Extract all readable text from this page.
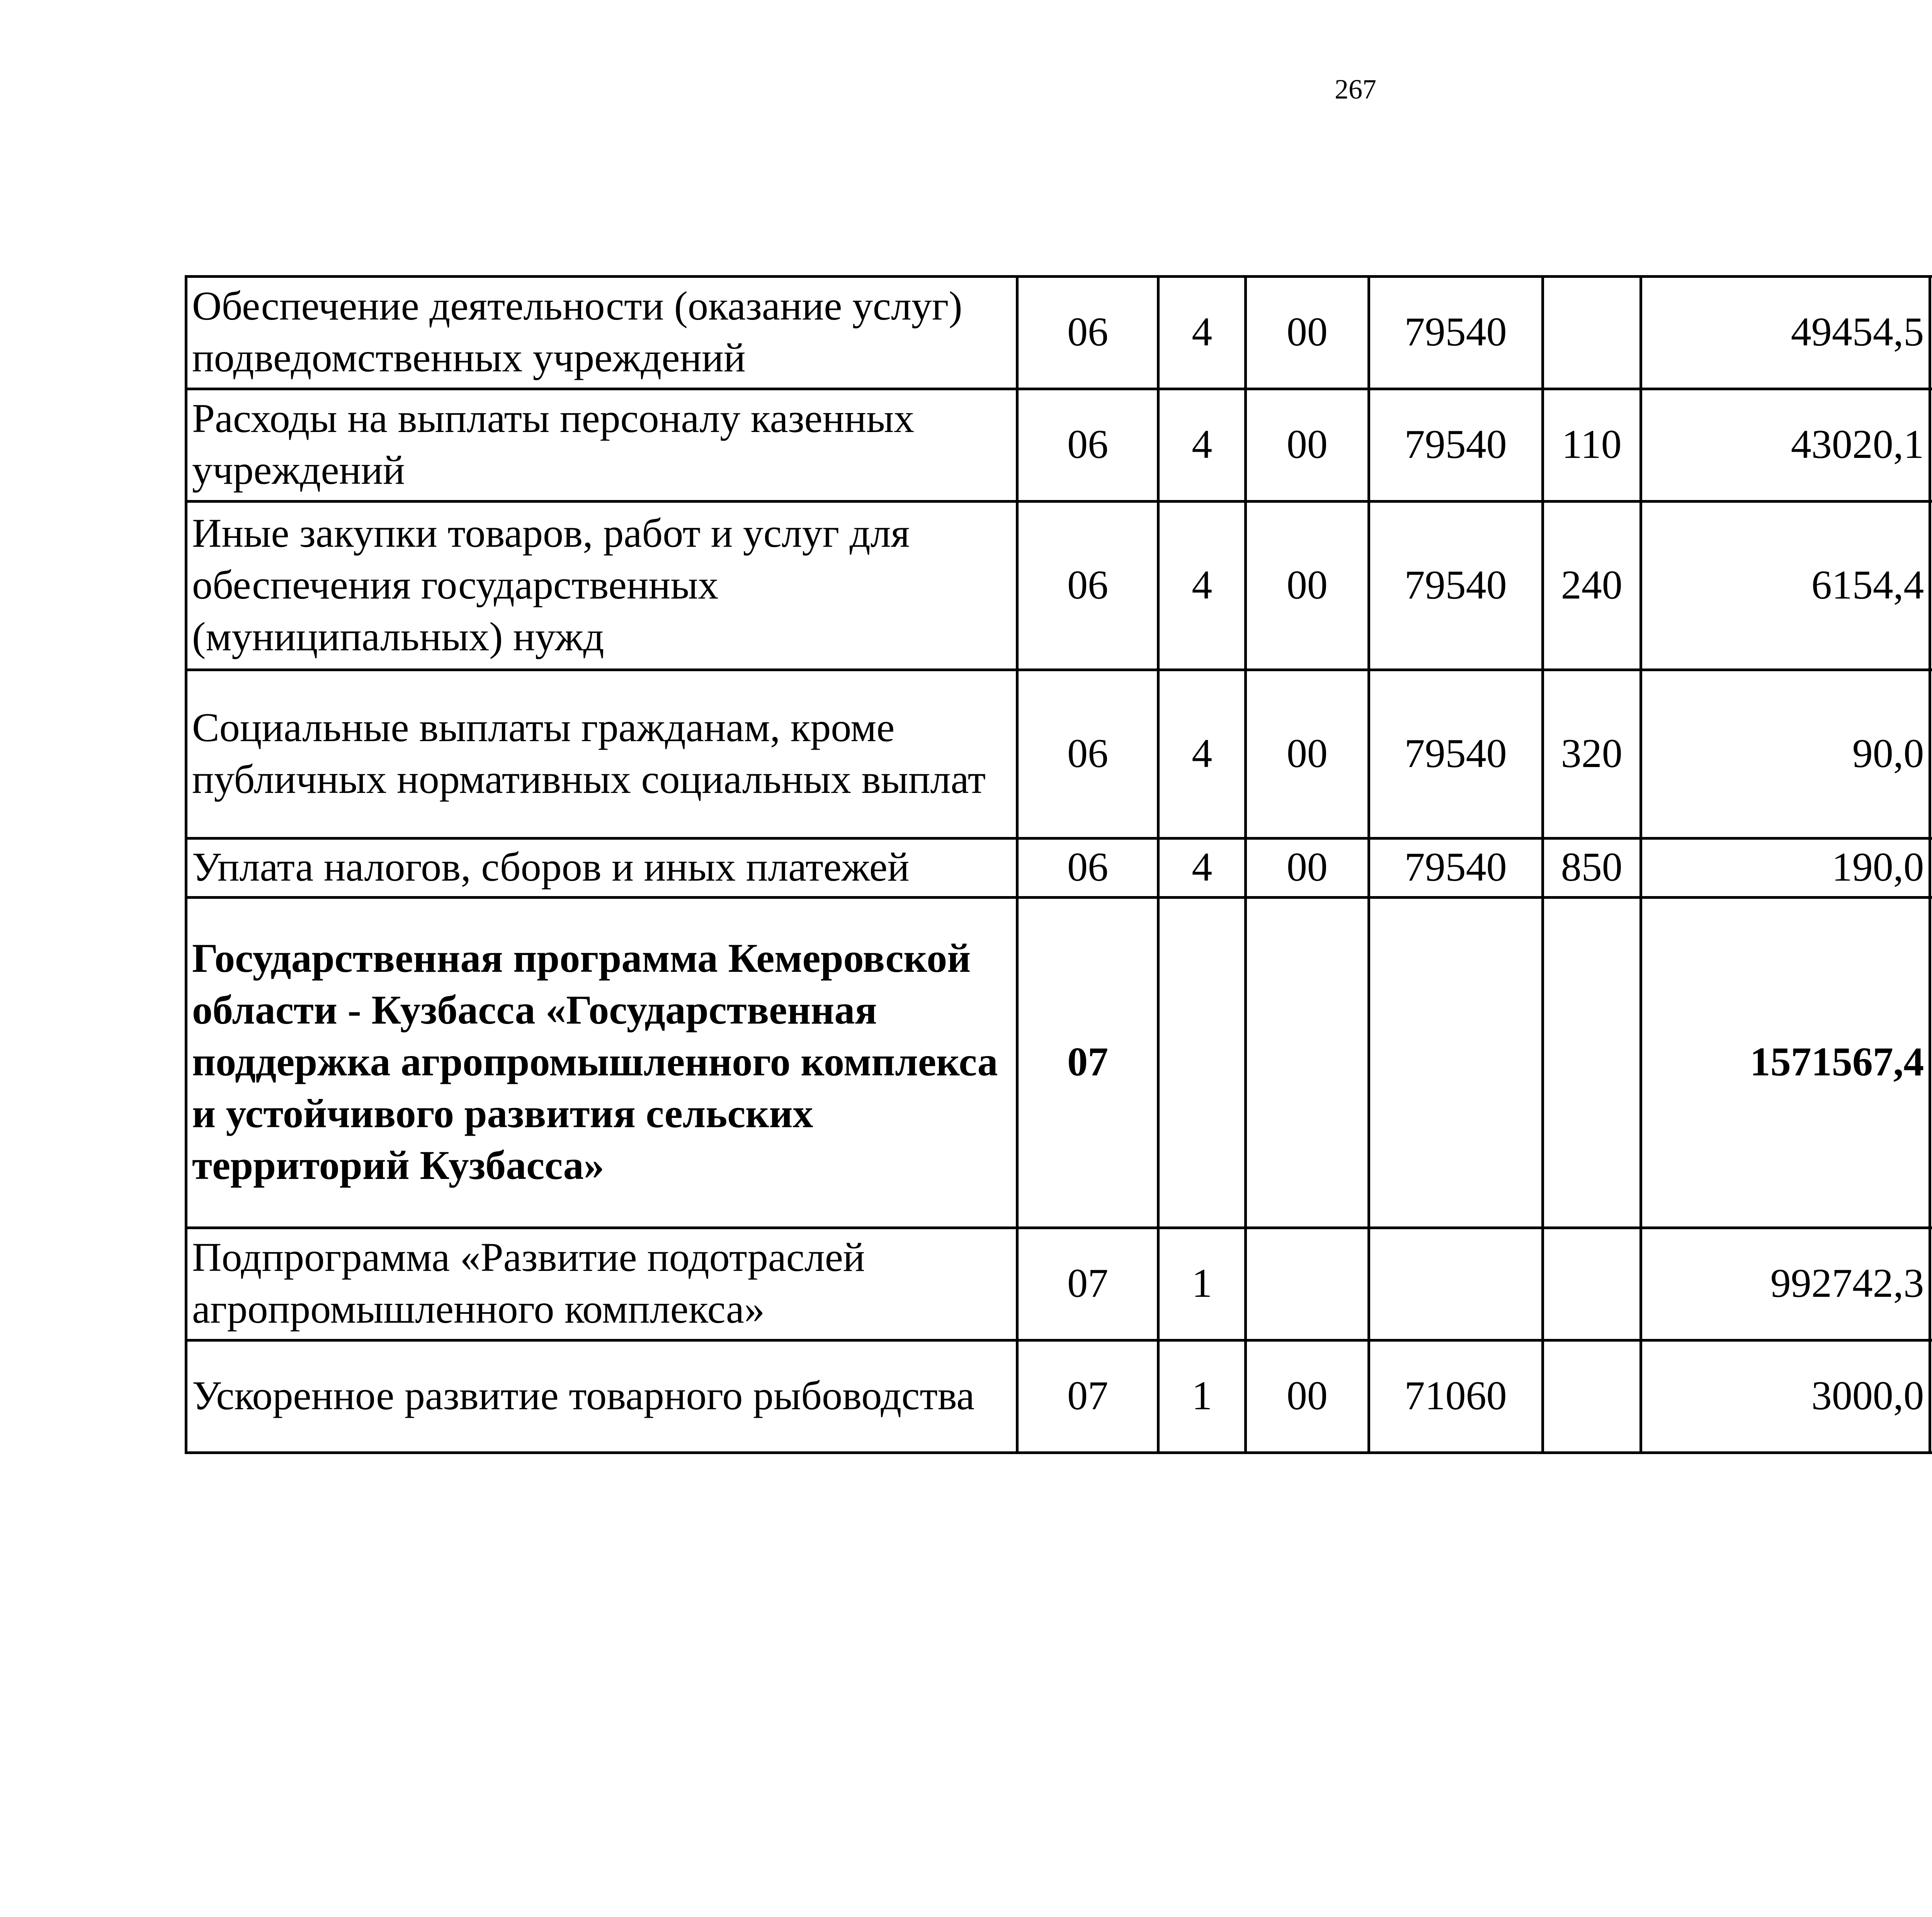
267
Обеспечение деятельности (оказание услуг) подведомственных учреждений	06	4	00	79540		49454,5		
Расходы на выплаты персоналу казенных учреждений	06	4	00	79540	110	43020,1		
Иные закупки товаров, работ и услуг для обеспечения государственных (муниципальных) нужд	06	4	00	79540	240	6154,4		
Социальные выплаты гражданам, кроме публичных нормативных социальных выплат	06	4	00	79540	320	90,0		
Уплата налогов, сборов и иных платежей	06	4	00	79540	850	190,0		
Государственная программа Кемеровской области - Кузбасса «Государственная поддержка агропромышленного комплекса и устойчивого развития сельских территорий Кузбасса»	07					1571567,4		
Подпрограмма «Развитие подотраслей агропромышленного комплекса»	07	1				992742,3		
Ускоренное развитие товарного рыбоводства	07	1	00	71060		3000,0		
